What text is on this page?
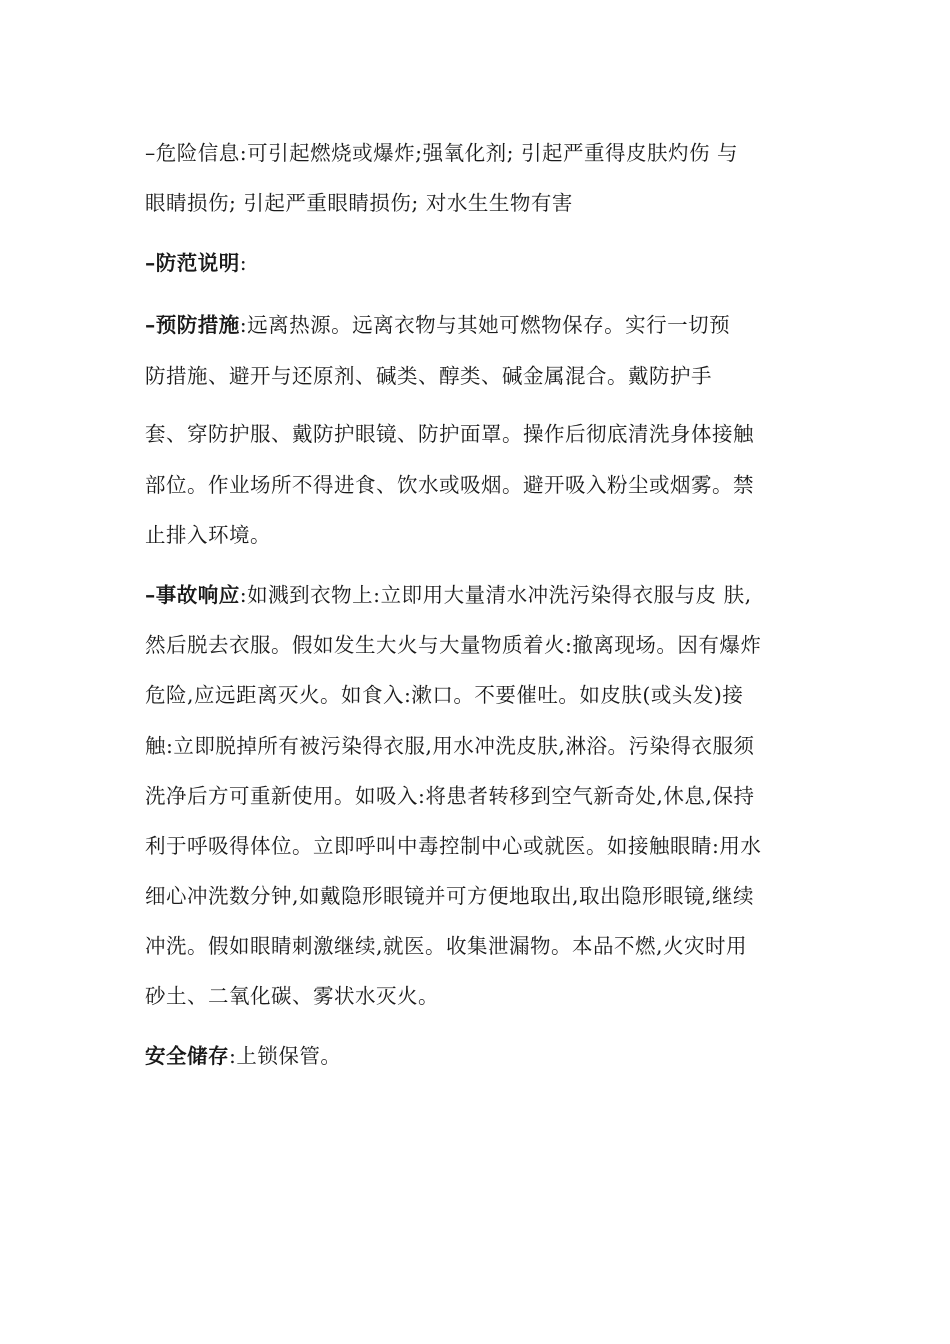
–危险信息:可引起燃烧或爆炸;强氧化剂; 引起严重得皮肤灼伤 与
眼睛损伤; 引起严重眼睛损伤; 对水生生物有害
–防范说明:
–预防措施:远离热源。远离衣物与其她可燃物保存。实行一切预
防措施、避开与还原剂、碱类、醇类、碱金属混合。戴防护手
套、穿防护服、戴防护眼镜、防护面罩。操作后彻底清洗身体接触
部位。作业场所不得进食、饮水或吸烟。避开吸入粉尘或烟雾。禁
止排入环境。
–事故响应:如溅到衣物上:立即用大量清水冲洗污染得衣服与皮 肤,
然后脱去衣服。假如发生大火与大量物质着火:撤离现场。因有爆炸
危险,应远距离灭火。如食入:漱口。不要催吐。如皮肤(或头发)接
触:立即脱掉所有被污染得衣服,用水冲洗皮肤,淋浴。污染得衣服须
洗净后方可重新使用。如吸入:将患者转移到空气新奇处,休息,保持
利于呼吸得体位。立即呼叫中毒控制中心或就医。如接触眼睛:用水
细心冲洗数分钟,如戴隐形眼镜并可方便地取出,取出隐形眼镜,继续
冲洗。假如眼睛刺激继续,就医。收集泄漏物。本品不燃,火灾时用
砂土、二氧化碳、雾状水灭火。
安全储存:上锁保管。
